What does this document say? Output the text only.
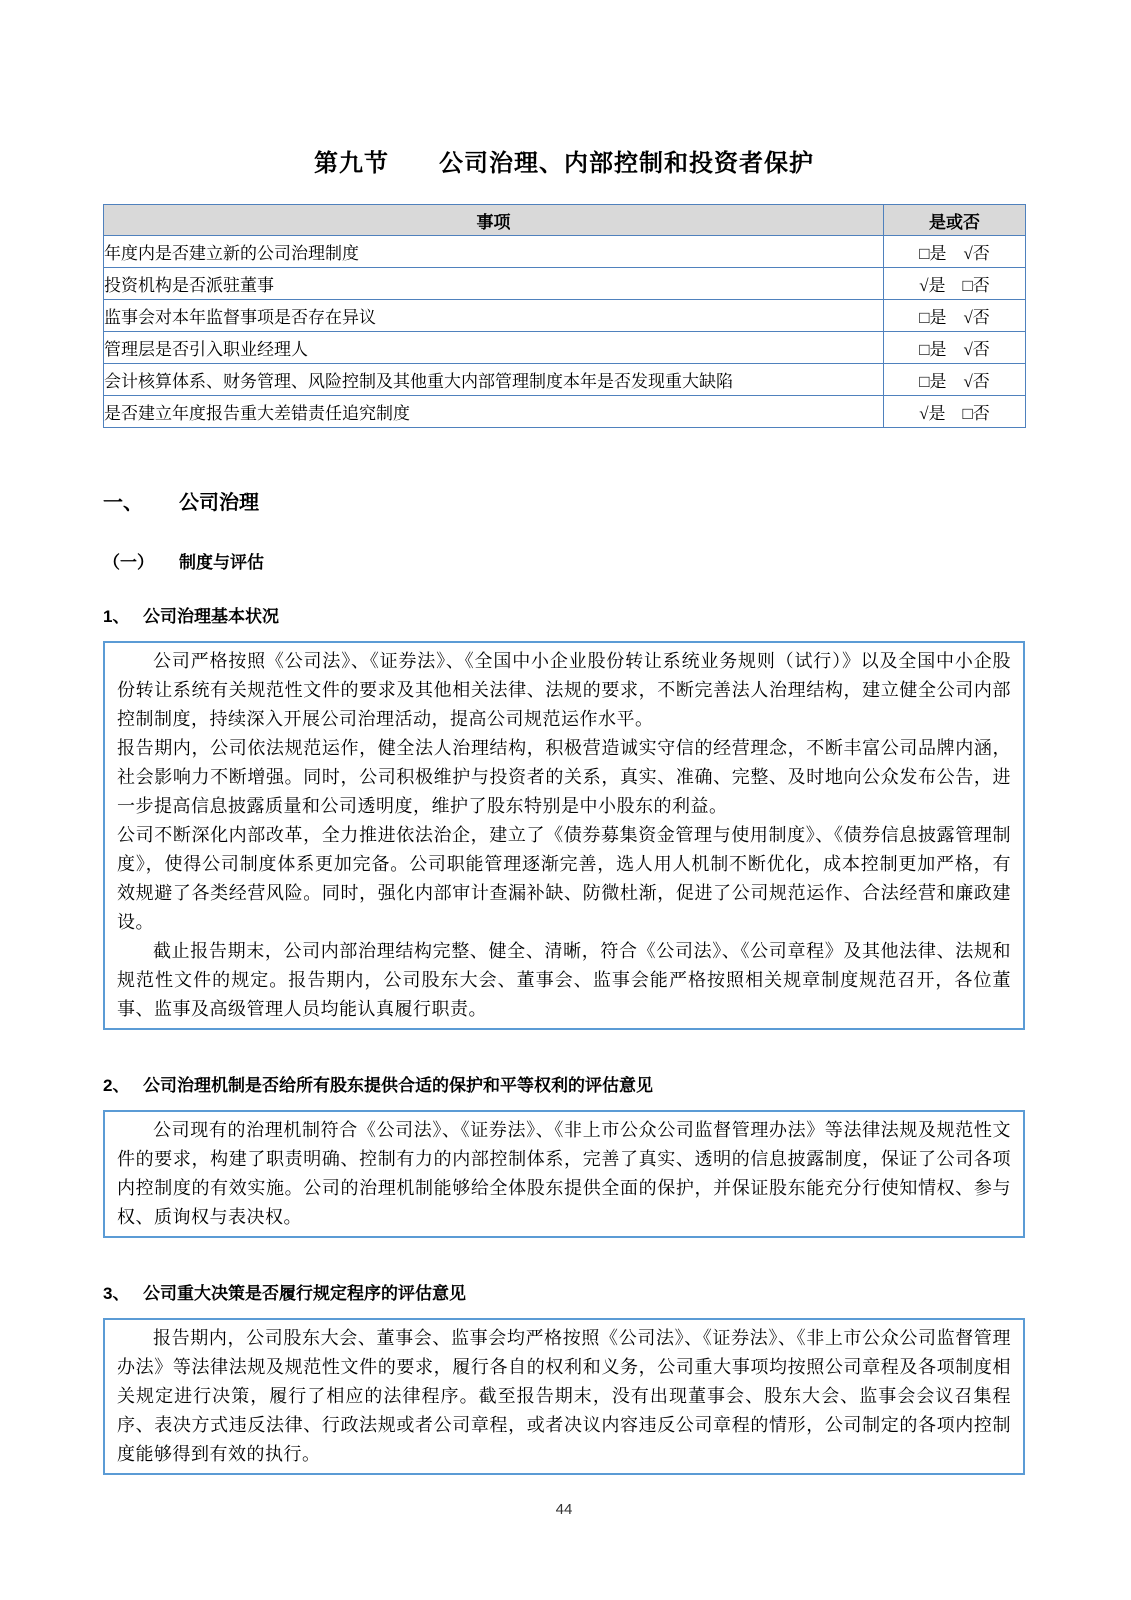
第九节　　公司治理、内部控制和投资者保护
事项	是或否
年度内是否建立新的公司治理制度	□是　√否
投资机构是否派驻董事	√是　□否
监事会对本年监督事项是否存在异议	□是　√否
管理层是否引入职业经理人	□是　√否
会计核算体系、财务管理、风险控制及其他重大内部管理制度本年是否发现重大缺陷	□是　√否
是否建立年度报告重大差错责任追究制度	√是　□否
一、	公司治理
（一）	制度与评估
1、 公司治理基本状况

公司严格按照《公司法》、《证券法》、《全国中小企业股份转让系统业务规则（试行）》以及全国中小企股份转让系统有关规范性文件的要求及其他相关法律、法规的要求，不断完善法人治理结构，建立健全公司内部控制制度，持续深入开展公司治理活动，提高公司规范运作水平。

报告期内，公司依法规范运作，健全法人治理结构，积极营造诚实守信的经营理念，不断丰富公司品牌内涵，社会影响力不断增强。同时，公司积极维护与投资者的关系，真实、准确、完整、及时地向公众发布公告，进一步提高信息披露质量和公司透明度，维护了股东特别是中小股东的利益。

公司不断深化内部改革，全力推进依法治企，建立了《债券募集资金管理与使用制度》、《债券信息披露管理制度》，使得公司制度体系更加完备。公司职能管理逐渐完善，选人用人机制不断优化，成本控制更加严格，有效规避了各类经营风险。同时，强化内部审计查漏补缺、防微杜渐，促进了公司规范运作、合法经营和廉政建设。

截止报告期末，公司内部治理结构完整、健全、清晰，符合《公司法》、《公司章程》及其他法律、法规和规范性文件的规定。报告期内，公司股东大会、董事会、监事会能严格按照相关规章制度规范召开，各位董事、监事及高级管理人员均能认真履行职责。

2、 公司治理机制是否给所有股东提供合适的保护和平等权利的评估意见

公司现有的治理机制符合《公司法》、《证券法》、《非上市公众公司监督管理办法》等法律法规及规范性文件的要求，构建了职责明确、控制有力的内部控制体系，完善了真实、透明的信息披露制度，保证了公司各项内控制度的有效实施。公司的治理机制能够给全体股东提供全面的保护，并保证股东能充分行使知情权、参与权、质询权与表决权。

3、 公司重大决策是否履行规定程序的评估意见

报告期内，公司股东大会、董事会、监事会均严格按照《公司法》、《证券法》、《非上市公众公司监督管理办法》等法律法规及规范性文件的要求，履行各自的权利和义务，公司重大事项均按照公司章程及各项制度相关规定进行决策，履行了相应的法律程序。截至报告期末，没有出现董事会、股东大会、监事会会议召集程序、表决方式违反法律、行政法规或者公司章程，或者决议内容违反公司章程的情形，公司制定的各项内控制度能够得到有效的执行。

44
